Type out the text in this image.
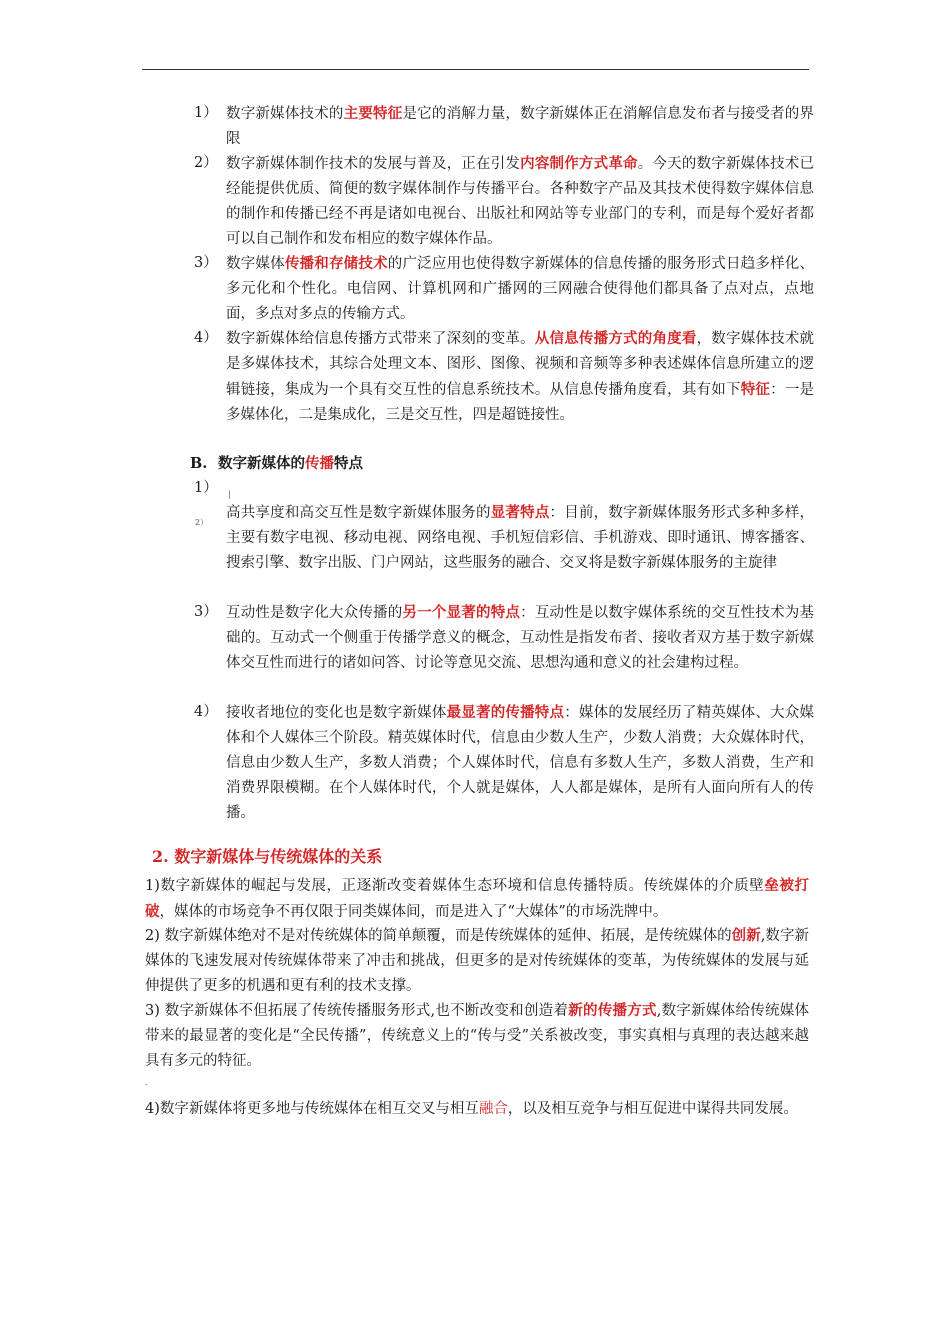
1） 数字新媒体技术的主要特征是它的消解力量，数字新媒体正在消解信息发布者与接受者的界限
2） 数字新媒体制作技术的发展与普及，正在引发内容制作方式革命。今天的数字新媒体技术已经能提供优质、简便的数字媒体制作与传播平台。各种数字产品及其技术使得数字媒体信息的制作和传播已经不再是诸如电视台、出版社和网站等专业部门的专利，而是每个爱好者都可以自己制作和发布相应的数字媒体作品。
3） 数字媒体传播和存储技术的广泛应用也使得数字新媒体的信息传播的服务形式日趋多样化、多元化和个性化。电信网、计算机网和广播网的三网融合使得他们都具备了点对点，点地面，多点对多点的传输方式。
4） 数字新媒体给信息传播方式带来了深刻的变革。从信息传播方式的角度看，数字媒体技术就是多媒体技术，其综合处理文本、图形、图像、视频和音频等多种表述媒体信息所建立的逻辑链接，集成为一个具有交互性的信息系统技术。从信息传播角度看，其有如下特征：一是多媒体化，二是集成化，三是交互性，四是超链接性。
B. 数字新媒体的传播特点
1）	|
2）
高共享度和高交互性是数字新媒体服务的显著特点：目前，数字新媒体服务形式多种多样，主要有数字电视、移动电视、网络电视、手机短信彩信、手机游戏、即时通讯、博客播客、搜索引擎、数字出版、门户网站，这些服务的融合、交叉将是数字新媒体服务的主旋律
3） 互动性是数字化大众传播的另一个显著的特点：互动性是以数字媒体系统的交互性技术为基础的。互动式一个侧重于传播学意义的概念，互动性是指发布者、接收者双方基于数字新媒体交互性而进行的诸如问答、讨论等意见交流、思想沟通和意义的社会建构过程。
4） 接收者地位的变化也是数字新媒体最显著的传播特点：媒体的发展经历了精英媒体、大众媒体和个人媒体三个阶段。精英媒体时代，信息由少数人生产，少数人消费；大众媒体时代，信息由少数人生产，多数人消费；个人媒体时代，信息有多数人生产，多数人消费，生产和消费界限模糊。在个人媒体时代，个人就是媒体，人人都是媒体，是所有人面向所有人的传播。
2. 数字新媒体与传统媒体的关系
1)数字新媒体的崛起与发展，正逐渐改变着媒体生态环境和信息传播特质。传统媒体的介质壁垒被打破，媒体的市场竞争不再仅限于同类媒体间，而是进入了“大媒体”的市场洗牌中。
2) 数字新媒体绝对不是对传统媒体的简单颠覆，而是传统媒体的延伸、拓展，是传统媒体的创新,数字新媒体的飞速发展对传统媒体带来了冲击和挑战，但更多的是对传统媒体的变革，为传统媒体的发展与延伸提供了更多的机遇和更有利的技术支撑。
3) 数字新媒体不但拓展了传统传播服务形式,也不断改变和创造着新的传播方式,数字新媒体给传统媒体带来的最显著的变化是“全民传播”，传统意义上的“传与受”关系被改变，事实真相与真理的表达越来越具有多元的特征。
-
4)数字新媒体将更多地与传统媒体在相互交叉与相互融合，以及相互竞争与相互促进中谋得共同发展。
